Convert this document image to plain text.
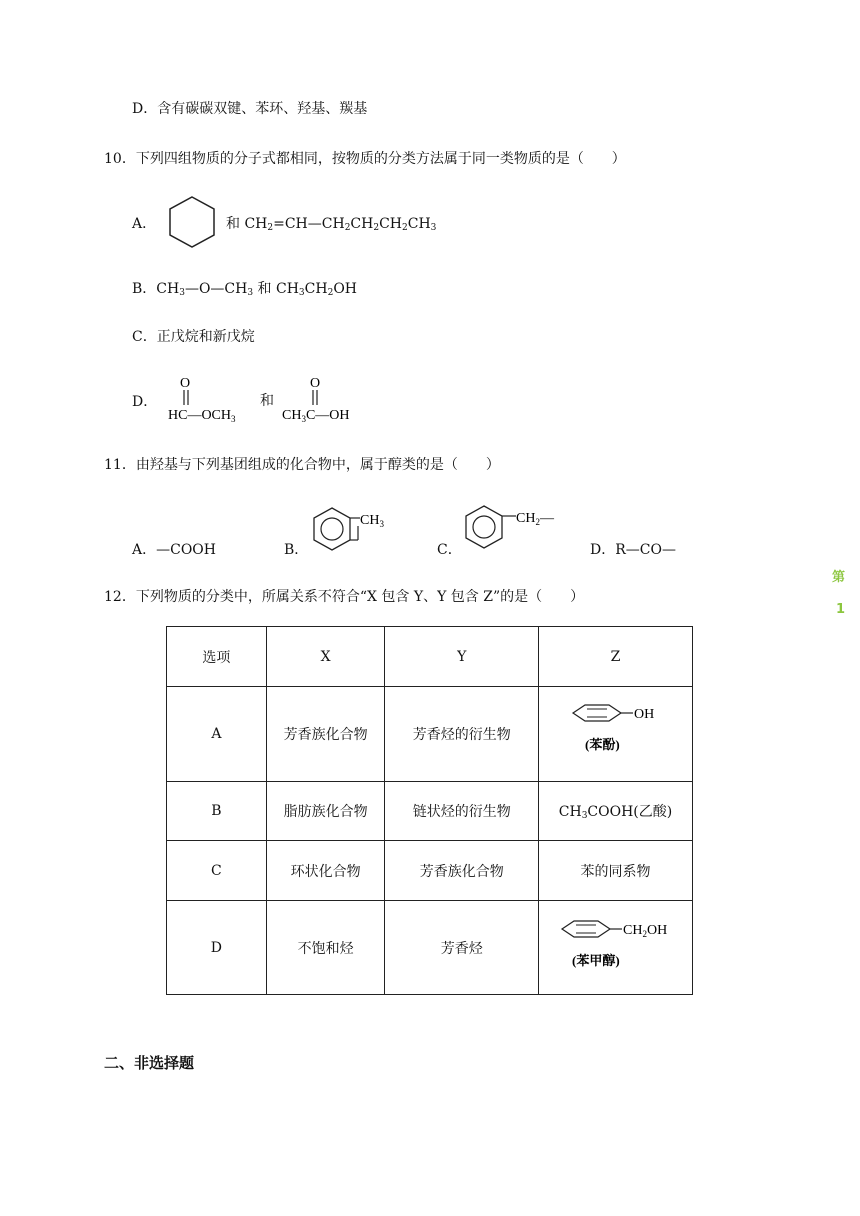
D．含有碳碳双键、苯环、羟基、羰基
10．下列四组物质的分子式都相同，按物质的分类方法属于同一类物质的是（　　）
A．	和 $CH_2=CH—CH_2CH_2CH_2CH_3$
B．$CH_3—O—CH_3$ 和 $CH_3CH_2OH$
C．正戊烷和新戊烷
D．
O
$HC—OCH_3$
和
O
$CH_3C—OH$
11．由羟基与下列基团组成的化合物中，属于醇类的是（　　）
A．—COOH	B．
$CH_3$
C．
$CH_2—$
D．R—CO—
第
1
12．下列物质的分类中，所属关系不符合“X 包含 Y、Y 包含 Z”的是（　　）
选项	X	Y	Z
A	芳香族化合物	芳香烃的衍生物	OH
(苯酚)

B	脂肪族化合物	链状烃的衍生物	$CH_3COOH$(乙酸)
C	环状化合物	芳香族化合物	苯的同系物
D	不饱和烃	芳香烃	$CH_2OH$
(苯甲醇)
二、非选择题
